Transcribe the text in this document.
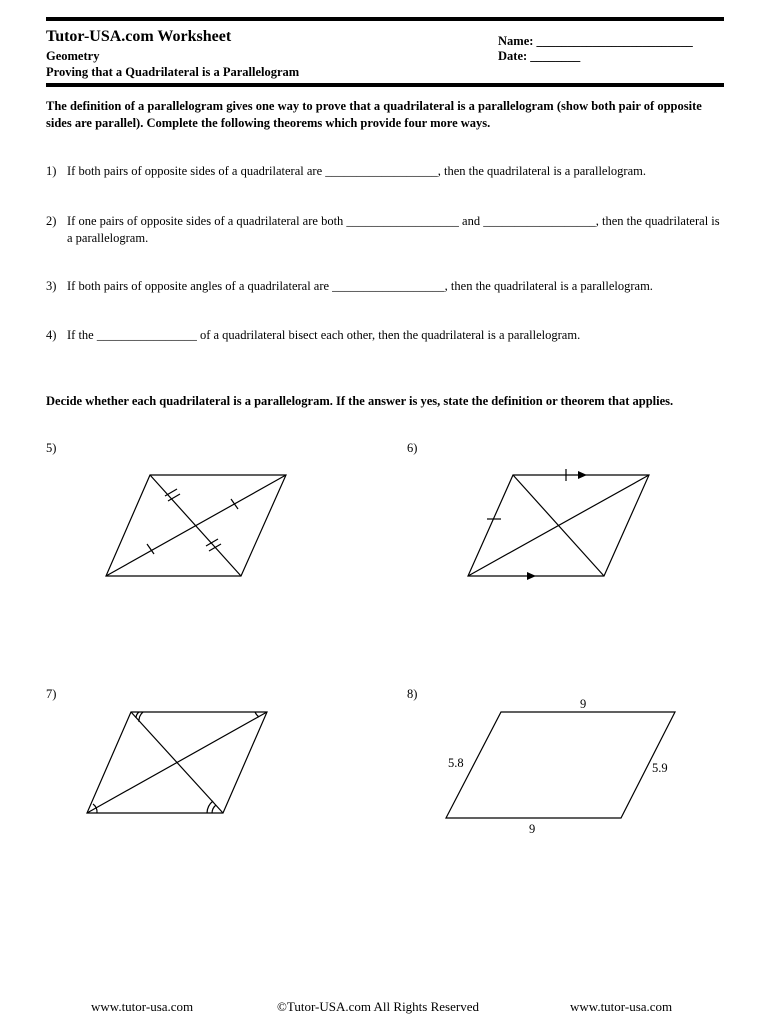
Tutor-USA.com Worksheet
Geometry
Proving that a Quadrilateral is a Parallelogram
Name: _________________________
Date: ________
The definition of a parallelogram gives one way to prove that a quadrilateral is a parallelogram (show both pair of opposite sides are parallel). Complete the following theorems which provide four more ways.
1) If both pairs of opposite sides of a quadrilateral are __________________, then the quadrilateral is a parallelogram.
2) If one pairs of opposite sides of a quadrilateral are both __________________ and __________________, then the quadrilateral is a parallelogram.
3) If both pairs of opposite angles of a quadrilateral are __________________, then the quadrilateral is a parallelogram.
4) If the ________________ of a quadrilateral bisect each other, then the quadrilateral is a parallelogram.
Decide whether each quadrilateral is a parallelogram. If the answer is yes, state the definition or theorem that applies.
5)	6)
7)	8)
9
5.8	5.9
9
www.tutor-usa.com	©Tutor-USA.com All Rights Reserved	www.tutor-usa.com
